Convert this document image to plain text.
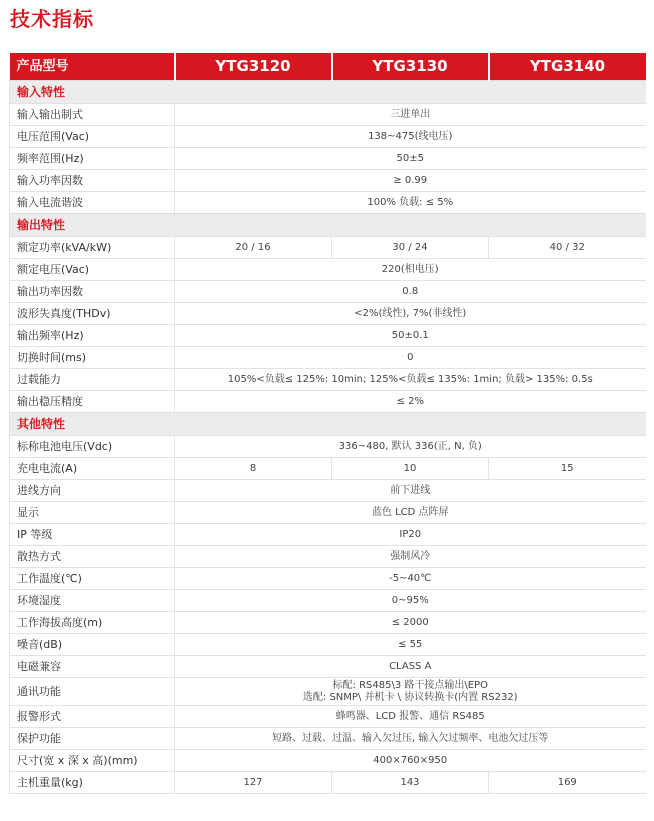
技术指标
产品型号	YTG3120	YTG3130	YTG3140
输入特性			
输入输出制式	三进单出		
电压范围(Vac)	138~475(线电压)		
频率范围(Hz)	50±5		
输入功率因数	≥ 0.99		
输入电流谐波	100% 负载: ≤ 5%		
输出特性			
额定功率(kVA/kW)	20 / 16	30 / 24	40 / 32
额定电压(Vac)	220(相电压)		
输出功率因数	0.8		
波形失真度(THDv)	<2%(线性), 7%(非线性)		
输出频率(Hz)	50±0.1		
切换时间(ms)	0		
过载能力	105%<负载≤ 125%: 10min; 125%<负载≤ 135%: 1min; 负载> 135%: 0.5s		
输出稳压精度	≤ 2%		
其他特性			
标称电池电压(Vdc)	336~480, 默认 336(正, N, 负)		
充电电流(A)	8	10	15
进线方向	前下进线		
显示	蓝色 LCD 点阵屏		
IP 等级	IP20		
散热方式	强制风冷		
工作温度(℃)	-5~40℃		
环境湿度	0~95%		
工作海拔高度(m)	≤ 2000		
噪音(dB)	≤ 55		
电磁兼容	CLASS A		
通讯功能	标配: RS485\3 路干接点输出\EPO
选配: SNMP\ 并机卡 \ 协议转换卡(内置 RS232)		

报警形式	蜂鸣器、LCD 报警、通信 RS485		
保护功能	短路、过载、过温、输入欠过压, 输入欠过频率、电池欠过压等		
尺寸(宽 x 深 x 高)(mm)	400×760×950		
主机重量(kg)	127	143	169
